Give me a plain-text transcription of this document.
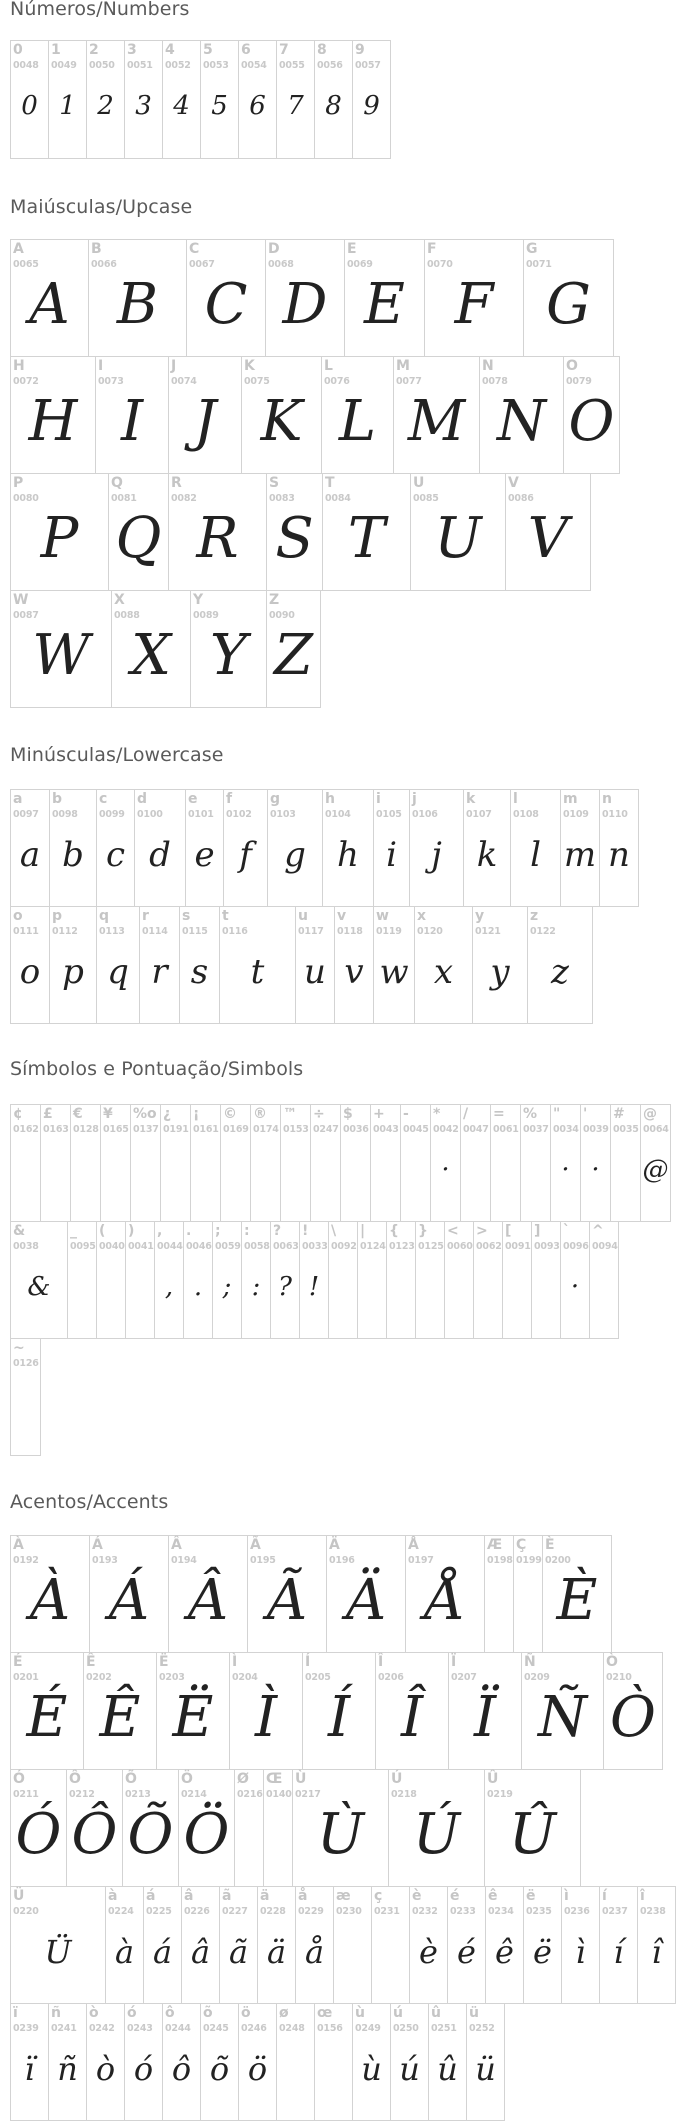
Números/Numbers
0
0048
0
1
0049
1
2
0050
2
3
0051
3
4
0052
4
5
0053
5
6
0054
6
7
0055
7
8
0056
8
9
0057
9
Maiúsculas/Upcase
A
0065
A
B
0066
B
C
0067
C
D
0068
D
E
0069
E
F
0070
F
G
0071
G
H
0072
H
I
0073
I
J
0074
J
K
0075
K
L
0076
L
M
0077
M
N
0078
N
O
0079
O
P
0080
P
Q
0081
Q
R
0082
R
S
0083
S
T
0084
T
U
0085
U
V
0086
V
W
0087
W
X
0088
X
Y
0089
Y
Z
0090
Z
Minúsculas/Lowercase
a
0097
a
b
0098
b
c
0099
c
d
0100
d
e
0101
e
f
0102
f
g
0103
g
h
0104
h
i
0105
i
j
0106
j
k
0107
k
l
0108
l
m
0109
m
n
0110
n
o
0111
o
p
0112
p
q
0113
q
r
0114
r
s
0115
s
t
0116
t
u
0117
u
v
0118
v
w
0119
w
x
0120
x
y
0121
y
z
0122
z
Símbolos e Pontuação/Simbols
¢
0162
£
0163
€
0128
¥
0165
%o
0137
¿
0191
¡
0161
©
0169
®
0174
™
0153
÷
0247
$
0036
+
0043
-
0045
*
0042
·
/
0047
=
0061
%
0037
"
0034
·
'
0039
·
#
0035
@
0064
@
&
0038
&
_
0095
(
0040
)
0041
,
0044
,
.
0046
.
;
0059
;
:
0058
:
?
0063
?
!
0033
!
\
0092
|
0124
{
0123
}
0125
<
0060
>
0062
[
0091
]
0093
`
0096
·
^
0094
~
0126
Acentos/Accents
À
0192
À
Á
0193
Á
Â
0194
Â
Ã
0195
Ã
Ä
0196
Ä
Å
0197
Å
Æ
0198
Ç
0199
È
0200
È
É
0201
É
Ê
0202
Ê
Ë
0203
Ë
Ì
0204
Ì
Í
0205
Í
Î
0206
Î
Ï
0207
Ï
Ñ
0209
Ñ
Ò
0210
Ò
Ó
0211
Ó
Ô
0212
Ô
Õ
0213
Õ
Ö
0214
Ö
Ø
0216
Œ
0140
Ù
0217
Ù
Ú
0218
Ú
Û
0219
Û
Ü
0220
Ü
à
0224
à
á
0225
á
â
0226
â
ã
0227
ã
ä
0228
ä
å
0229
å
æ
0230
ç
0231
è
0232
è
é
0233
é
ê
0234
ê
ë
0235
ë
ì
0236
ì
í
0237
í
î
0238
î
ï
0239
ï
ñ
0241
ñ
ò
0242
ò
ó
0243
ó
ô
0244
ô
õ
0245
õ
ö
0246
ö
ø
0248
œ
0156
ù
0249
ù
ú
0250
ú
û
0251
û
ü
0252
ü
